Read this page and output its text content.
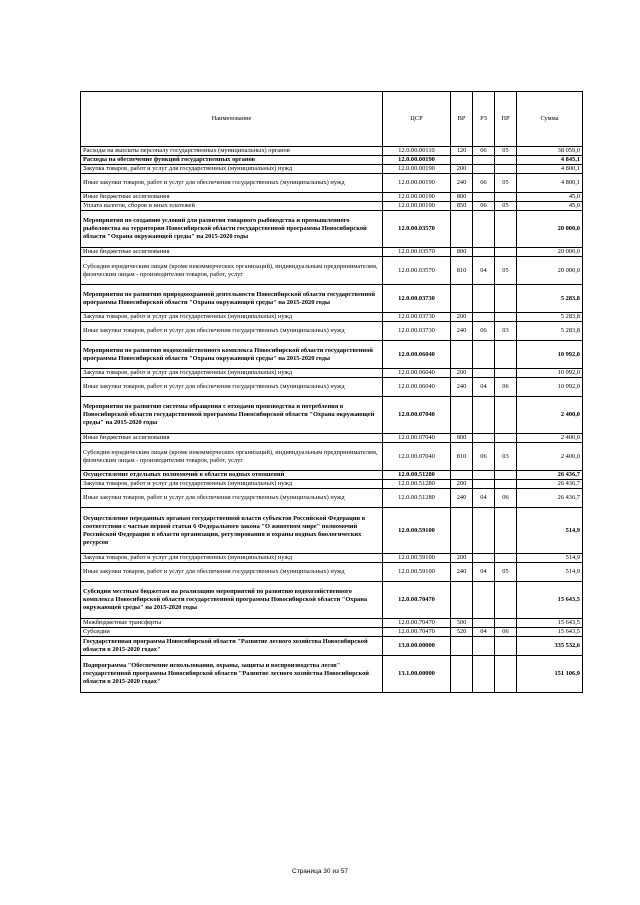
Наименование	ЦСР	ВР	РЗ	ПР	Сумма
Расходы на выплаты персоналу государственных (муниципальных) органов	12.0.00.00110	120	06	05	38 059,0
Расходы на обеспечение функций государственных органов	12.0.00.00190				4 845,1
Закупка товаров, работ и услуг для государственных (муниципальных) нужд	12.0.00.00190	200			4 800,1
Иные закупки товаров, работ и услуг для обеспечения государственных (муниципальных) нужд	12.0.00.00190	240	06	05	4 800,1
Иные бюджетные ассигнования	12.0.00.00190	800			45,0
Уплата налогов, сборов и иных платежей	12.0.00.00190	850	06	05	45,0
Мероприятия по созданию условий для развития товарного рыбоводства и промышленного рыболовства на территории Новосибирской области государственной программы Новосибирской области "Охрана окружающей среды" на 2015-2020 годы	12.0.00.03570				20 000,0
Иные бюджетные ассигнования	12.0.00.03570	800			20 000,0
Субсидии юридическим лицам (кроме некоммерческих организаций), индивидуальным предпринимателям, физическим лицам - производителям товаров, работ, услуг	12.0.00.03570	810	04	05	20 000,0
Мероприятия по развитию природоохранной деятельности Новосибирской области государственной программы Новосибирской области "Охрана окружающей среды" на 2015-2020 годы	12.0.00.03730				5 283,8
Закупка товаров, работ и услуг для государственных (муниципальных) нужд	12.0.00.03730	200			5 283,8
Иные закупки товаров, работ и услуг для обеспечения государственных (муниципальных) нужд	12.0.00.03730	240	06	03	5 283,8
Мероприятия по развитию водохозяйственного комплекса Новосибирской области государственной программы Новосибирской области "Охрана окружающей среды" на 2015-2020 годы	12.0.00.06040				10 992,0
Закупка товаров, работ и услуг для государственных (муниципальных) нужд	12.0.00.06040	200			10 992,0
Иные закупки товаров, работ и услуг для обеспечения государственных (муниципальных) нужд	12.0.00.06040	240	04	06	10 992,0
Мероприятия по развитию системы обращения с отходами производства и потребления в Новосибирской области государственной программы Новосибирской области "Охрана окружающей среды" на 2015-2020 годы	12.0.00.07040				2 400,0
Иные бюджетные ассигнования	12.0.00.07040	800			2 400,0
Субсидии юридическим лицам (кроме некоммерческих организаций), индивидуальным предпринимателям, физическим лицам - производителям товаров, работ, услуг	12.0.00.07040	810	06	03	2 400,0
Осуществление отдельных полномочий в области водных отношений	12.0.00.51280				26 436,7
Закупка товаров, работ и услуг для государственных (муниципальных) нужд	12.0.00.51280	200			26 436,7
Иные закупки товаров, работ и услуг для обеспечения государственных (муниципальных) нужд	12.0.00.51280	240	04	06	26 436,7
Осуществление переданных органам государственной власти субъектов Российской Федерации в соответствии с частью первой статьи 6 Федерального закона "О животном мире" полномочий Российской Федерации в области организации, регулирования и охраны водных биологических ресурсов	12.0.00.59100				514,9
Закупка товаров, работ и услуг для государственных (муниципальных) нужд	12.0.00.59100	200			514,9
Иные закупки товаров, работ и услуг для обеспечения государственных (муниципальных) нужд	12.0.00.59100	240	04	05	514,9
Субсидии местным бюджетам на реализацию мероприятий по развитию водохозяйственного комплекса Новосибирской области государственной программы Новосибирской области "Охрана окружающей среды" на 2015-2020 годы	12.0.00.70470				15 643,5
Межбюджетные трансферты	12.0.00.70470	500			15 643,5
Субсидии	12.0.00.70470	520	04	06	15 643,5
Государственная программа Новосибирской области "Развитие лесного хозяйства Новосибирской области в 2015-2020 годах"	13.0.00.00000				335 532,6
Подпрограмма "Обеспечение использования, охраны, защиты и воспроизводства лесов" государственной программы Новосибирской области "Развитие лесного хозяйства Новосибирской области в 2015-2020 годах"	13.1.00.00000				151 106,9
Страница 30 из 57
